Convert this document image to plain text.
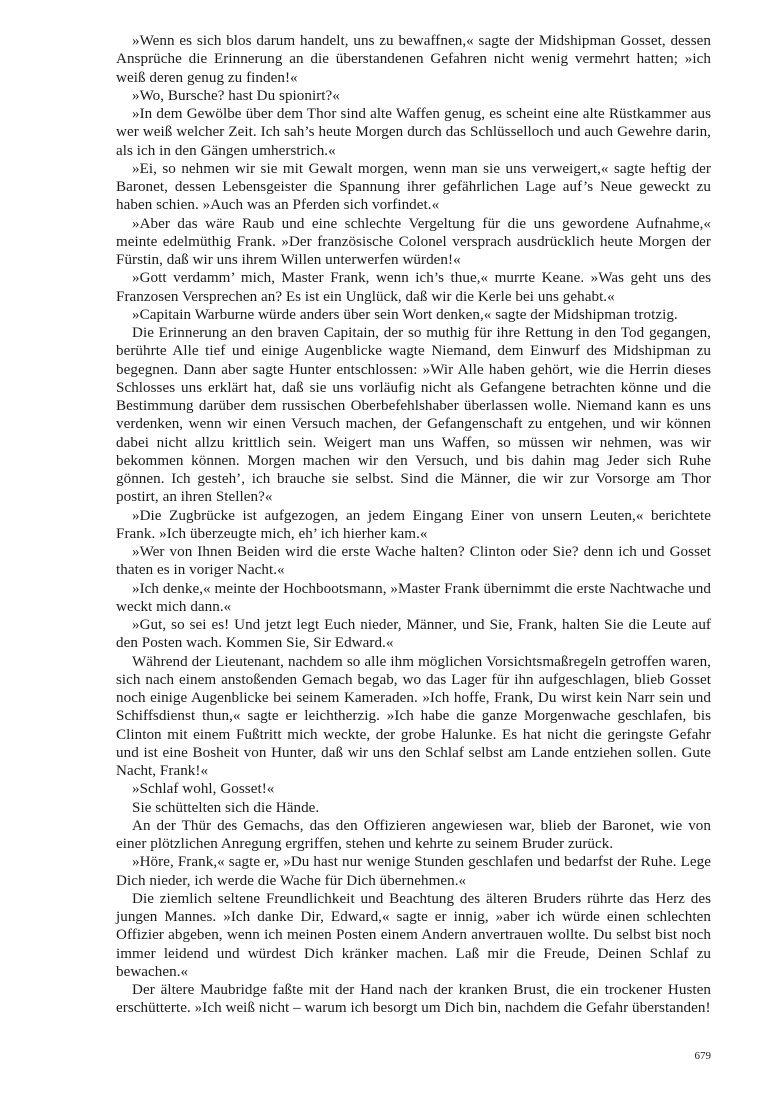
»Wenn es sich blos darum handelt, uns zu bewaffnen,« sagte der Midshipman Gosset, dessen Ansprüche die Erinnerung an die überstandenen Gefahren nicht wenig vermehrt hatten; »ich weiß deren genug zu finden!«

»Wo, Bursche? hast Du spionirt?«

»In dem Gewölbe über dem Thor sind alte Waffen genug, es scheint eine alte Rüstkammer aus wer weiß welcher Zeit. Ich sah’s heute Morgen durch das Schlüsselloch und auch Gewehre darin, als ich in den Gängen umherstrich.«

»Ei, so nehmen wir sie mit Gewalt morgen, wenn man sie uns verweigert,« sagte heftig der Baronet, dessen Lebensgeister die Spannung ihrer gefährlichen Lage auf’s Neue geweckt zu haben schien. »Auch was an Pferden sich vorfindet.«

»Aber das wäre Raub und eine schlechte Vergeltung für die uns gewordene Aufnahme,« meinte edelmüthig Frank. »Der französische Colonel versprach ausdrücklich heute Morgen der Fürstin, daß wir uns ihrem Willen unterwerfen würden!«

»Gott verdamm’ mich, Master Frank, wenn ich’s thue,« murrte Keane. »Was geht uns des Franzosen Versprechen an? Es ist ein Unglück, daß wir die Kerle bei uns gehabt.«

»Capitain Warburne würde anders über sein Wort denken,« sagte der Midshipman trotzig.

Die Erinnerung an den braven Capitain, der so muthig für ihre Rettung in den Tod gegangen, berührte Alle tief und einige Augenblicke wagte Niemand, dem Einwurf des Midshipman zu begegnen. Dann aber sagte Hunter entschlossen: »Wir Alle haben gehört, wie die Herrin dieses Schlosses uns erklärt hat, daß sie uns vorläufig nicht als Gefangene betrachten könne und die Bestimmung darüber dem russischen Oberbefehlshaber überlassen wolle. Niemand kann es uns verdenken, wenn wir einen Versuch machen, der Gefangenschaft zu entgehen, und wir können dabei nicht allzu krittlich sein. Weigert man uns Waffen, so müssen wir nehmen, was wir bekommen können. Morgen machen wir den Versuch, und bis dahin mag Jeder sich Ruhe gönnen. Ich gesteh’, ich brauche sie selbst. Sind die Männer, die wir zur Vorsorge am Thor postirt, an ihren Stellen?«

»Die Zugbrücke ist aufgezogen, an jedem Eingang Einer von unsern Leuten,« berichtete Frank. »Ich überzeugte mich, eh’ ich hierher kam.«

»Wer von Ihnen Beiden wird die erste Wache halten? Clinton oder Sie? denn ich und Gosset thaten es in voriger Nacht.«

»Ich denke,« meinte der Hochbootsmann, »Master Frank übernimmt die erste Nachtwache und weckt mich dann.«

»Gut, so sei es! Und jetzt legt Euch nieder, Männer, und Sie, Frank, halten Sie die Leute auf den Posten wach. Kommen Sie, Sir Edward.«

Während der Lieutenant, nachdem so alle ihm möglichen Vorsichtsmaßregeln getroffen waren, sich nach einem anstoßenden Gemach begab, wo das Lager für ihn aufgeschlagen, blieb Gosset noch einige Augenblicke bei seinem Kameraden. »Ich hoffe, Frank, Du wirst kein Narr sein und Schiffsdienst thun,« sagte er leichtherzig. »Ich habe die ganze Morgenwache geschlafen, bis Clinton mit einem Fußtritt mich weckte, der grobe Halunke. Es hat nicht die geringste Gefahr und ist eine Bosheit von Hunter, daß wir uns den Schlaf selbst am Lande entziehen sollen. Gute Nacht, Frank!«

»Schlaf wohl, Gosset!«

Sie schüttelten sich die Hände.

An der Thür des Gemachs, das den Offizieren angewiesen war, blieb der Baronet, wie von einer plötzlichen Anregung ergriffen, stehen und kehrte zu seinem Bruder zurück.

»Höre, Frank,« sagte er, »Du hast nur wenige Stunden geschlafen und bedarfst der Ruhe. Lege Dich nieder, ich werde die Wache für Dich übernehmen.«

Die ziemlich seltene Freundlichkeit und Beachtung des älteren Bruders rührte das Herz des jungen Mannes. »Ich danke Dir, Edward,« sagte er innig, »aber ich würde einen schlechten Offizier abgeben, wenn ich meinen Posten einem Andern anvertrauen wollte. Du selbst bist noch immer leidend und würdest Dich kränker machen. Laß mir die Freude, Deinen Schlaf zu bewachen.«

Der ältere Maubridge faßte mit der Hand nach der kranken Brust, die ein trockener Husten erschütterte. »Ich weiß nicht – warum ich besorgt um Dich bin, nachdem die Gefahr überstanden!

679
